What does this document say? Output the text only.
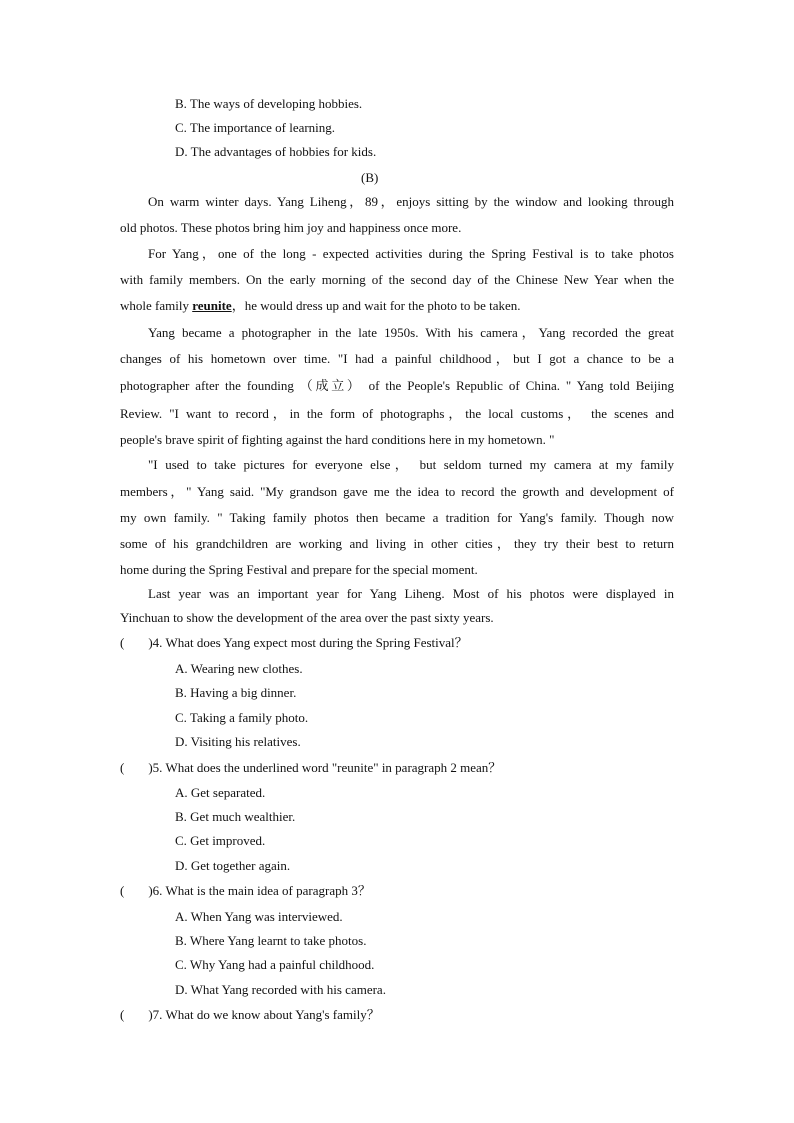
B. The ways of developing hobbies.
C. The importance of learning.
D. The advantages of hobbies for kids.
(B)
On warm winter days. Yang Liheng，89，enjoys sitting by the window and looking through
old photos. These photos bring him joy and happiness once more.
For Yang，one of the long - expected activities during the Spring Festival is to take photos
with family members. On the early morning of the second day of the Chinese New Year when the
whole family reunite，he would dress up and wait for the photo to be taken.
Yang became a photographer in the late 1950s. With his camera，Yang recorded the great
changes of his hometown over time. "I had a painful childhood，but I got a chance to be a
photographer after the founding （成立） of the People's Republic of China. " Yang told Beijing
Review. "I want to record，in the form of photographs，the local customs， the scenes and
people's brave spirit of fighting against the hard conditions here in my hometown. "
"I used to take pictures for everyone else， but seldom turned my camera at my family
members，" Yang said. "My grandson gave me the idea to record the growth and development of
my own family. " Taking family photos then became a tradition for Yang's family. Though now
some of his grandchildren are working and living in other cities，they try their best to return
home during the Spring Festival and prepare for the special moment.
Last year was an important year for Yang Liheng. Most of his photos were displayed in
Yinchuan to show the development of the area over the past sixty years.
( )4. What does Yang expect most during the Spring Festival？
A. Wearing new clothes.
B. Having a big dinner.
C. Taking a family photo.
D. Visiting his relatives.
( )5. What does the underlined word "reunite" in paragraph 2 mean？
A. Get separated.
B. Get much wealthier.
C. Get improved.
D. Get together again.
( )6. What is the main idea of paragraph 3？
A. When Yang was interviewed.
B. Where Yang learnt to take photos.
C. Why Yang had a painful childhood.
D. What Yang recorded with his camera.
( )7. What do we know about Yang's family？
